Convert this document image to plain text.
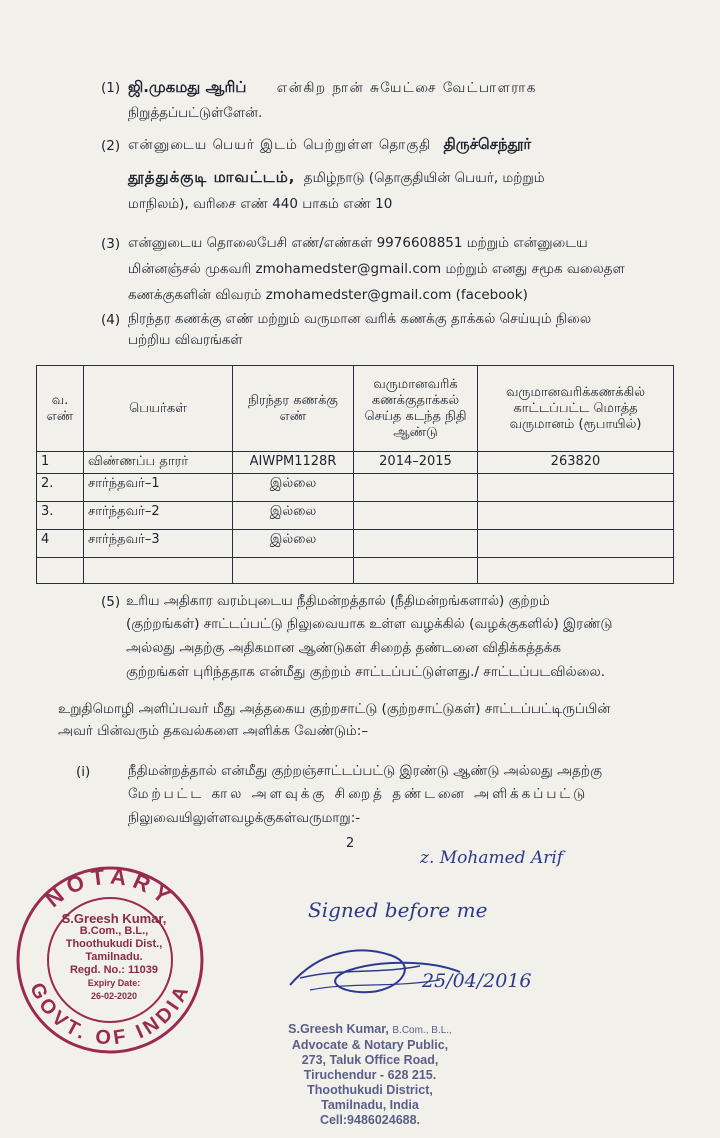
(1) ஜி.முகமது ஆரிப் என்கிற நான் சுயேட்சை வேட்பாளராக
நிறுத்தப்பட்டுள்ளேன்.
(2) என்னுடைய பெயர் இடம் பெற்றுள்ள தொகுதி திருச்செந்தூர்
தூத்துக்குடி மாவட்டம், தமிழ்நாடு (தொகுதியின் பெயர், மற்றும்
மாநிலம்), வரிசை எண் 440 பாகம் எண் 10
(3) என்னுடைய தொலைபேசி எண்/எண்கள் 9976608851 மற்றும் என்னுடைய
மின்னஞ்சல் முகவரி zmohamedster@gmail.com மற்றும் எனது சமூக வலைதள
கணக்குகளின் விவரம் zmohamedster@gmail.com (facebook)
(4) நிரந்தர கணக்கு எண் மற்றும் வருமான வரிக் கணக்கு தாக்கல் செய்யும் நிலை
பற்றிய விவரங்கள்
வ. எண்	பெயர்கள்	நிரந்தர கணக்கு எண்	வருமானவரிக் கணக்குதாக்கல் செய்த கடந்த நிதி ஆண்டு	வருமானவரிக்கணக்கில் காட்டப்பட்ட மொத்த வருமானம் (ரூபாயில்)
1	விண்ணப்ப தாரர்	AIWPM1128R	2014–2015	263820
2.	சார்ந்தவர்–1	இல்லை		
3.	சார்ந்தவர்–2	இல்லை		
4	சார்ந்தவர்–3	இல்லை		

(5) உரிய அதிகார வரம்புடைய நீதிமன்றத்தால் (நீதிமன்றங்களால்) குற்றம்
(குற்றங்கள்) சாட்டப்பட்டு நிலுவையாக உள்ள வழக்கில் (வழக்குகளில்) இரண்டு
அல்லது அதற்கு அதிகமான ஆண்டுகள் சிறைத் தண்டனை விதிக்கத்தக்க
குற்றங்கள் புரிந்ததாக என்மீது குற்றம் சாட்டப்பட்டுள்ளது./ சாட்டப்படவில்லை.
உறுதிமொழி அளிப்பவர் மீது அத்தகைய குற்றசாட்டு (குற்றசாட்டுகள்) சாட்டப்பட்டிருப்பின்
அவர் பின்வரும் தகவல்களை அளிக்க வேண்டும்:–
(i)	நீதிமன்றத்தால் என்மீது குற்றஞ்சாட்டப்பட்டு இரண்டு ஆண்டு அல்லது அதற்கு
மேற்பட்ட கால அளவுக்கு சிறைத் தண்டனை அளிக்கப்பட்டு
நிலுவையிலுள்ளவழக்குகள்வருமாறு:-
2
z. Mohamed Arif
Signed before me
25/04/2016
NOTARY
GOVT. OF INDIA
S.Greesh Kumar,
B.Com., B.L.,
Thoothukudi Dist.,
Tamilnadu.
Regd. No.: 11039
Expiry Date:
26-02-2020
S.Greesh Kumar, B.Com., B.L.,
Advocate & Notary Public,
273, Taluk Office Road,
Tiruchendur - 628 215.
Thoothukudi District,
Tamilnadu, India
Cell:9486024688.
